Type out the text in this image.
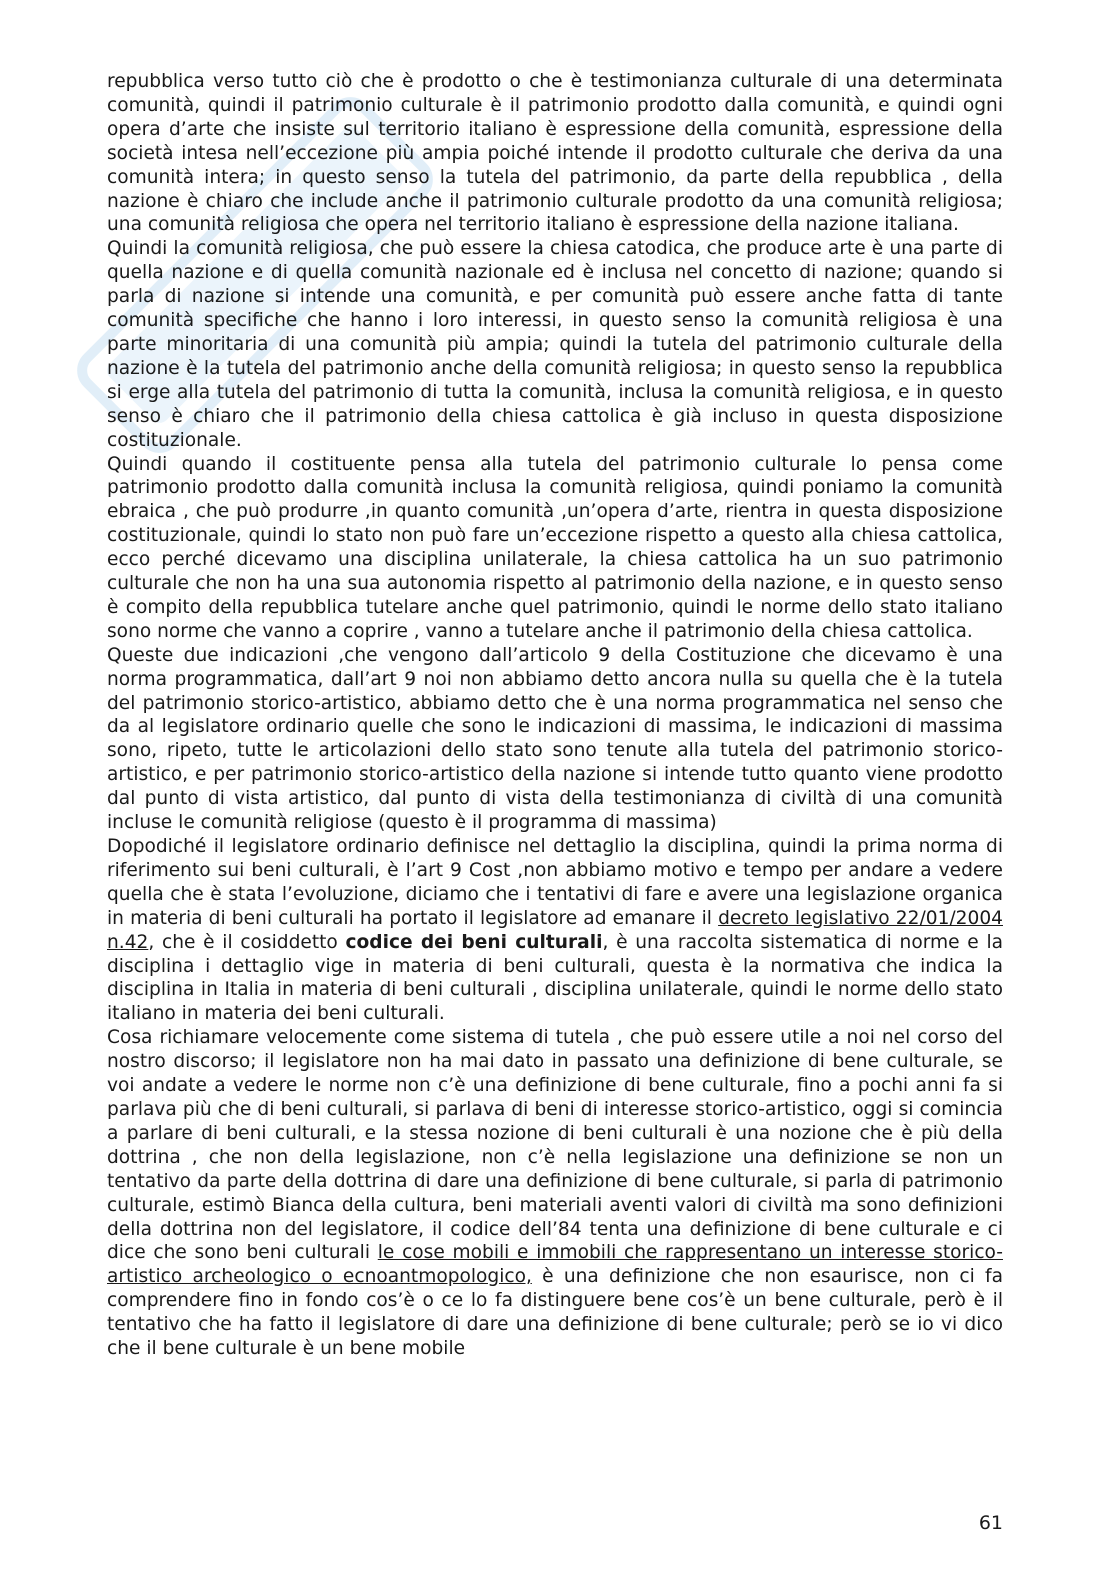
repubblica verso tutto ciò che è prodotto o che è testimonianza culturale di una determinata comunità, quindi il patrimonio culturale è il patrimonio prodotto dalla comunità, e quindi ogni opera d’arte che insiste sul territorio italiano è espressione della comunità, espressione della società intesa nell’eccezione più ampia poiché intende il prodotto culturale che deriva da una comunità intera; in questo senso la tutela del patrimonio, da parte della repubblica , della nazione è chiaro che include anche il patrimonio culturale prodotto da una comunità religiosa; una comunità religiosa che opera nel territorio italiano è espressione della nazione italiana.

Quindi la comunità religiosa, che può essere la chiesa catodica, che produce arte è una parte di quella nazione e di quella comunità nazionale ed è inclusa nel concetto di nazione; quando si parla di nazione si intende una comunità, e per comunità può essere anche fatta di tante comunità specifiche che hanno i loro interessi, in questo senso la comunità religiosa è una parte minoritaria di una comunità più ampia; quindi la tutela del patrimonio culturale della nazione è la tutela del patrimonio anche della comunità religiosa; in questo senso la repubblica si erge alla tutela del patrimonio di tutta la comunità, inclusa la comunità religiosa, e in questo senso è chiaro che il patrimonio della chiesa cattolica è già incluso in questa disposizione costituzionale.

Quindi quando il costituente pensa alla tutela del patrimonio culturale lo pensa come patrimonio prodotto dalla comunità inclusa la comunità religiosa, quindi poniamo la comunità ebraica , che può produrre ,in quanto comunità ,un’opera d’arte, rientra in questa disposizione costituzionale, quindi lo stato non può fare un’eccezione rispetto a questo alla chiesa cattolica, ecco perché dicevamo una disciplina unilaterale, la chiesa cattolica ha un suo patrimonio culturale che non ha una sua autonomia rispetto al patrimonio della nazione, e in questo senso è compito della repubblica tutelare anche quel patrimonio, quindi le norme dello stato italiano sono norme che vanno a coprire , vanno a tutelare anche il patrimonio della chiesa cattolica.

Queste due indicazioni ,che vengono dall’articolo 9 della Costituzione che dicevamo è una norma programmatica, dall’art 9 noi non abbiamo detto ancora nulla su quella che è la tutela del patrimonio storico-artistico, abbiamo detto che è una norma programmatica nel senso che da al legislatore ordinario quelle che sono le indicazioni di massima, le indicazioni di massima sono, ripeto, tutte le articolazioni dello stato sono tenute alla tutela del patrimonio storico-artistico, e per patrimonio storico-artistico della nazione si intende tutto quanto viene prodotto dal punto di vista artistico, dal punto di vista della testimonianza di civiltà di una comunità incluse le comunità religiose (questo è il programma di massima)

Dopodiché il legislatore ordinario definisce nel dettaglio la disciplina, quindi la prima norma di riferimento sui beni culturali, è l’art 9 Cost ,non abbiamo motivo e tempo per andare a vedere quella che è stata l’evoluzione, diciamo che i tentativi di fare e avere una legislazione organica in materia di beni culturali ha portato il legislatore ad emanare il decreto legislativo 22/01/2004 n.42, che è il cosiddetto codice dei beni culturali, è una raccolta sistematica di norme e la disciplina i dettaglio vige in materia di beni culturali, questa è la normativa che indica la disciplina in Italia in materia di beni culturali , disciplina unilaterale, quindi le norme dello stato italiano in materia dei beni culturali.

Cosa richiamare velocemente come sistema di tutela , che può essere utile a noi nel corso del nostro discorso; il legislatore non ha mai dato in passato una definizione di bene culturale, se voi andate a vedere le norme non c’è una definizione di bene culturale, fino a pochi anni fa si parlava più che di beni culturali, si parlava di beni di interesse storico-artistico, oggi si comincia a parlare di beni culturali, e la stessa nozione di beni culturali è una nozione che è più della dottrina , che non della legislazione, non c’è nella legislazione una definizione se non un tentativo da parte della dottrina di dare una definizione di bene culturale, si parla di patrimonio culturale, estimò Bianca della cultura, beni materiali aventi valori di civiltà ma sono definizioni della dottrina non del legislatore, il codice dell’84 tenta una definizione di bene culturale e ci dice che sono beni culturali le cose mobili e immobili che rappresentano un interesse storico-artistico archeologico o ecnoantmopologico, è una definizione che non esaurisce, non ci fa comprendere fino in fondo cos’è o ce lo fa distinguere bene cos’è un bene culturale, però è il tentativo che ha fatto il legislatore di dare una definizione di bene culturale; però se io vi dico che il bene culturale è un bene mobile

61
